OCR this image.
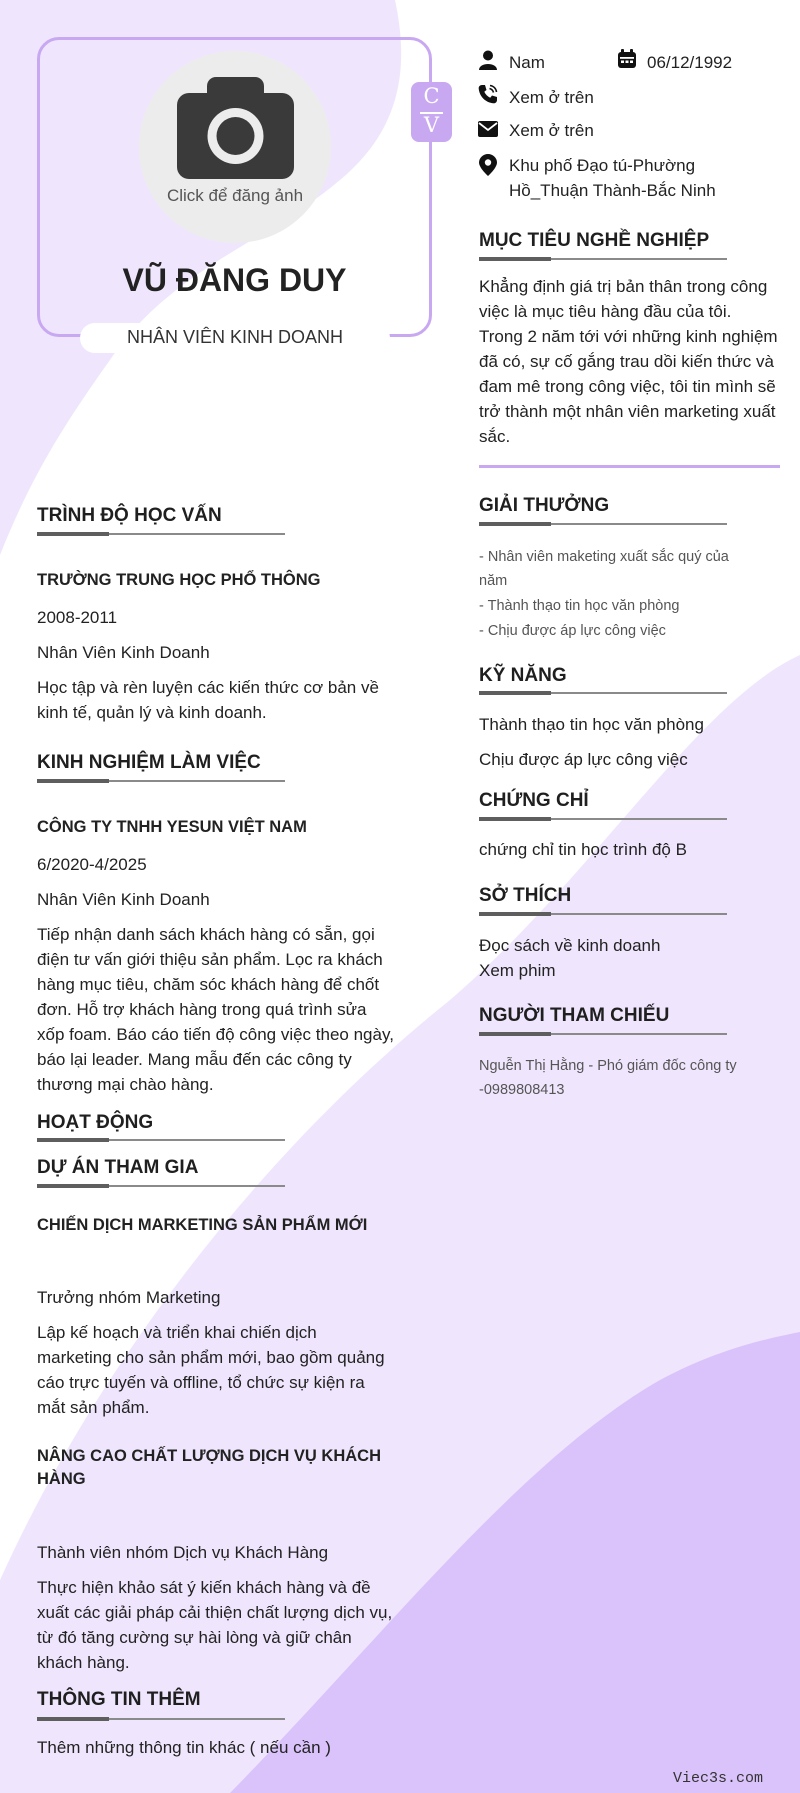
Click để đăng ảnh
VŨ ĐĂNG DUY
NHÂN VIÊN KINH DOANH
C
V
Nam	06/12/1992
Xem ở trên
Xem ở trên
Khu phố Đạo tú-Phường
Hồ_Thuận Thành-Bắc Ninh
MỤC TIÊU NGHỀ NGHIỆP
Khẳng định giá trị bản thân trong công
việc là mục tiêu hàng đầu của tôi.
Trong 2 năm tới với những kinh nghiệm
đã có, sự cố gắng trau dồi kiến thức và
đam mê trong công việc, tôi tin mình sẽ
trở thành một nhân viên marketing xuất
sắc.
GIẢI THƯỞNG
- Nhân viên maketing xuất sắc quý của
năm
- Thành thạo tin học văn phòng
- Chịu được áp lực công việc
KỸ NĂNG
Thành thạo tin học văn phòng
Chịu được áp lực công việc
CHỨNG CHỈ
chứng chỉ tin học trình độ B
SỞ THÍCH
Đọc sách về kinh doanh
Xem phim
NGƯỜI THAM CHIẾU
Nguễn Thị Hằng - Phó giám đốc công ty
-0989808413
TRÌNH ĐỘ HỌC VẤN
TRƯỜNG TRUNG HỌC PHỔ THÔNG
2008-2011
Nhân Viên Kinh Doanh
Học tập và rèn luyện các kiến thức cơ bản về
kinh tế, quản lý và kinh doanh.
KINH NGHIỆM LÀM VIỆC
CÔNG TY TNHH YESUN VIỆT NAM
6/2020-4/2025
Nhân Viên Kinh Doanh
Tiếp nhận danh sách khách hàng có sẵn, gọi
điện tư vấn giới thiệu sản phẩm. Lọc ra khách
hàng mục tiêu, chăm sóc khách hàng để chốt
đơn. Hỗ trợ khách hàng trong quá trình sửa
xốp foam. Báo cáo tiến độ công việc theo ngày,
báo lại leader. Mang mẫu đến các công ty
thương mại chào hàng.
HOẠT ĐỘNG
DỰ ÁN THAM GIA
CHIẾN DỊCH MARKETING SẢN PHẨM MỚI
Trưởng nhóm Marketing
Lập kế hoạch và triển khai chiến dịch
marketing cho sản phẩm mới, bao gồm quảng
cáo trực tuyến và offline, tổ chức sự kiện ra
mắt sản phẩm.
NÂNG CAO CHẤT LƯỢNG DỊCH VỤ KHÁCH
HÀNG
Thành viên nhóm Dịch vụ Khách Hàng
Thực hiện khảo sát ý kiến khách hàng và đề
xuất các giải pháp cải thiện chất lượng dịch vụ,
từ đó tăng cường sự hài lòng và giữ chân
khách hàng.
THÔNG TIN THÊM
Thêm những thông tin khác ( nếu cần )
Viec3s.com
